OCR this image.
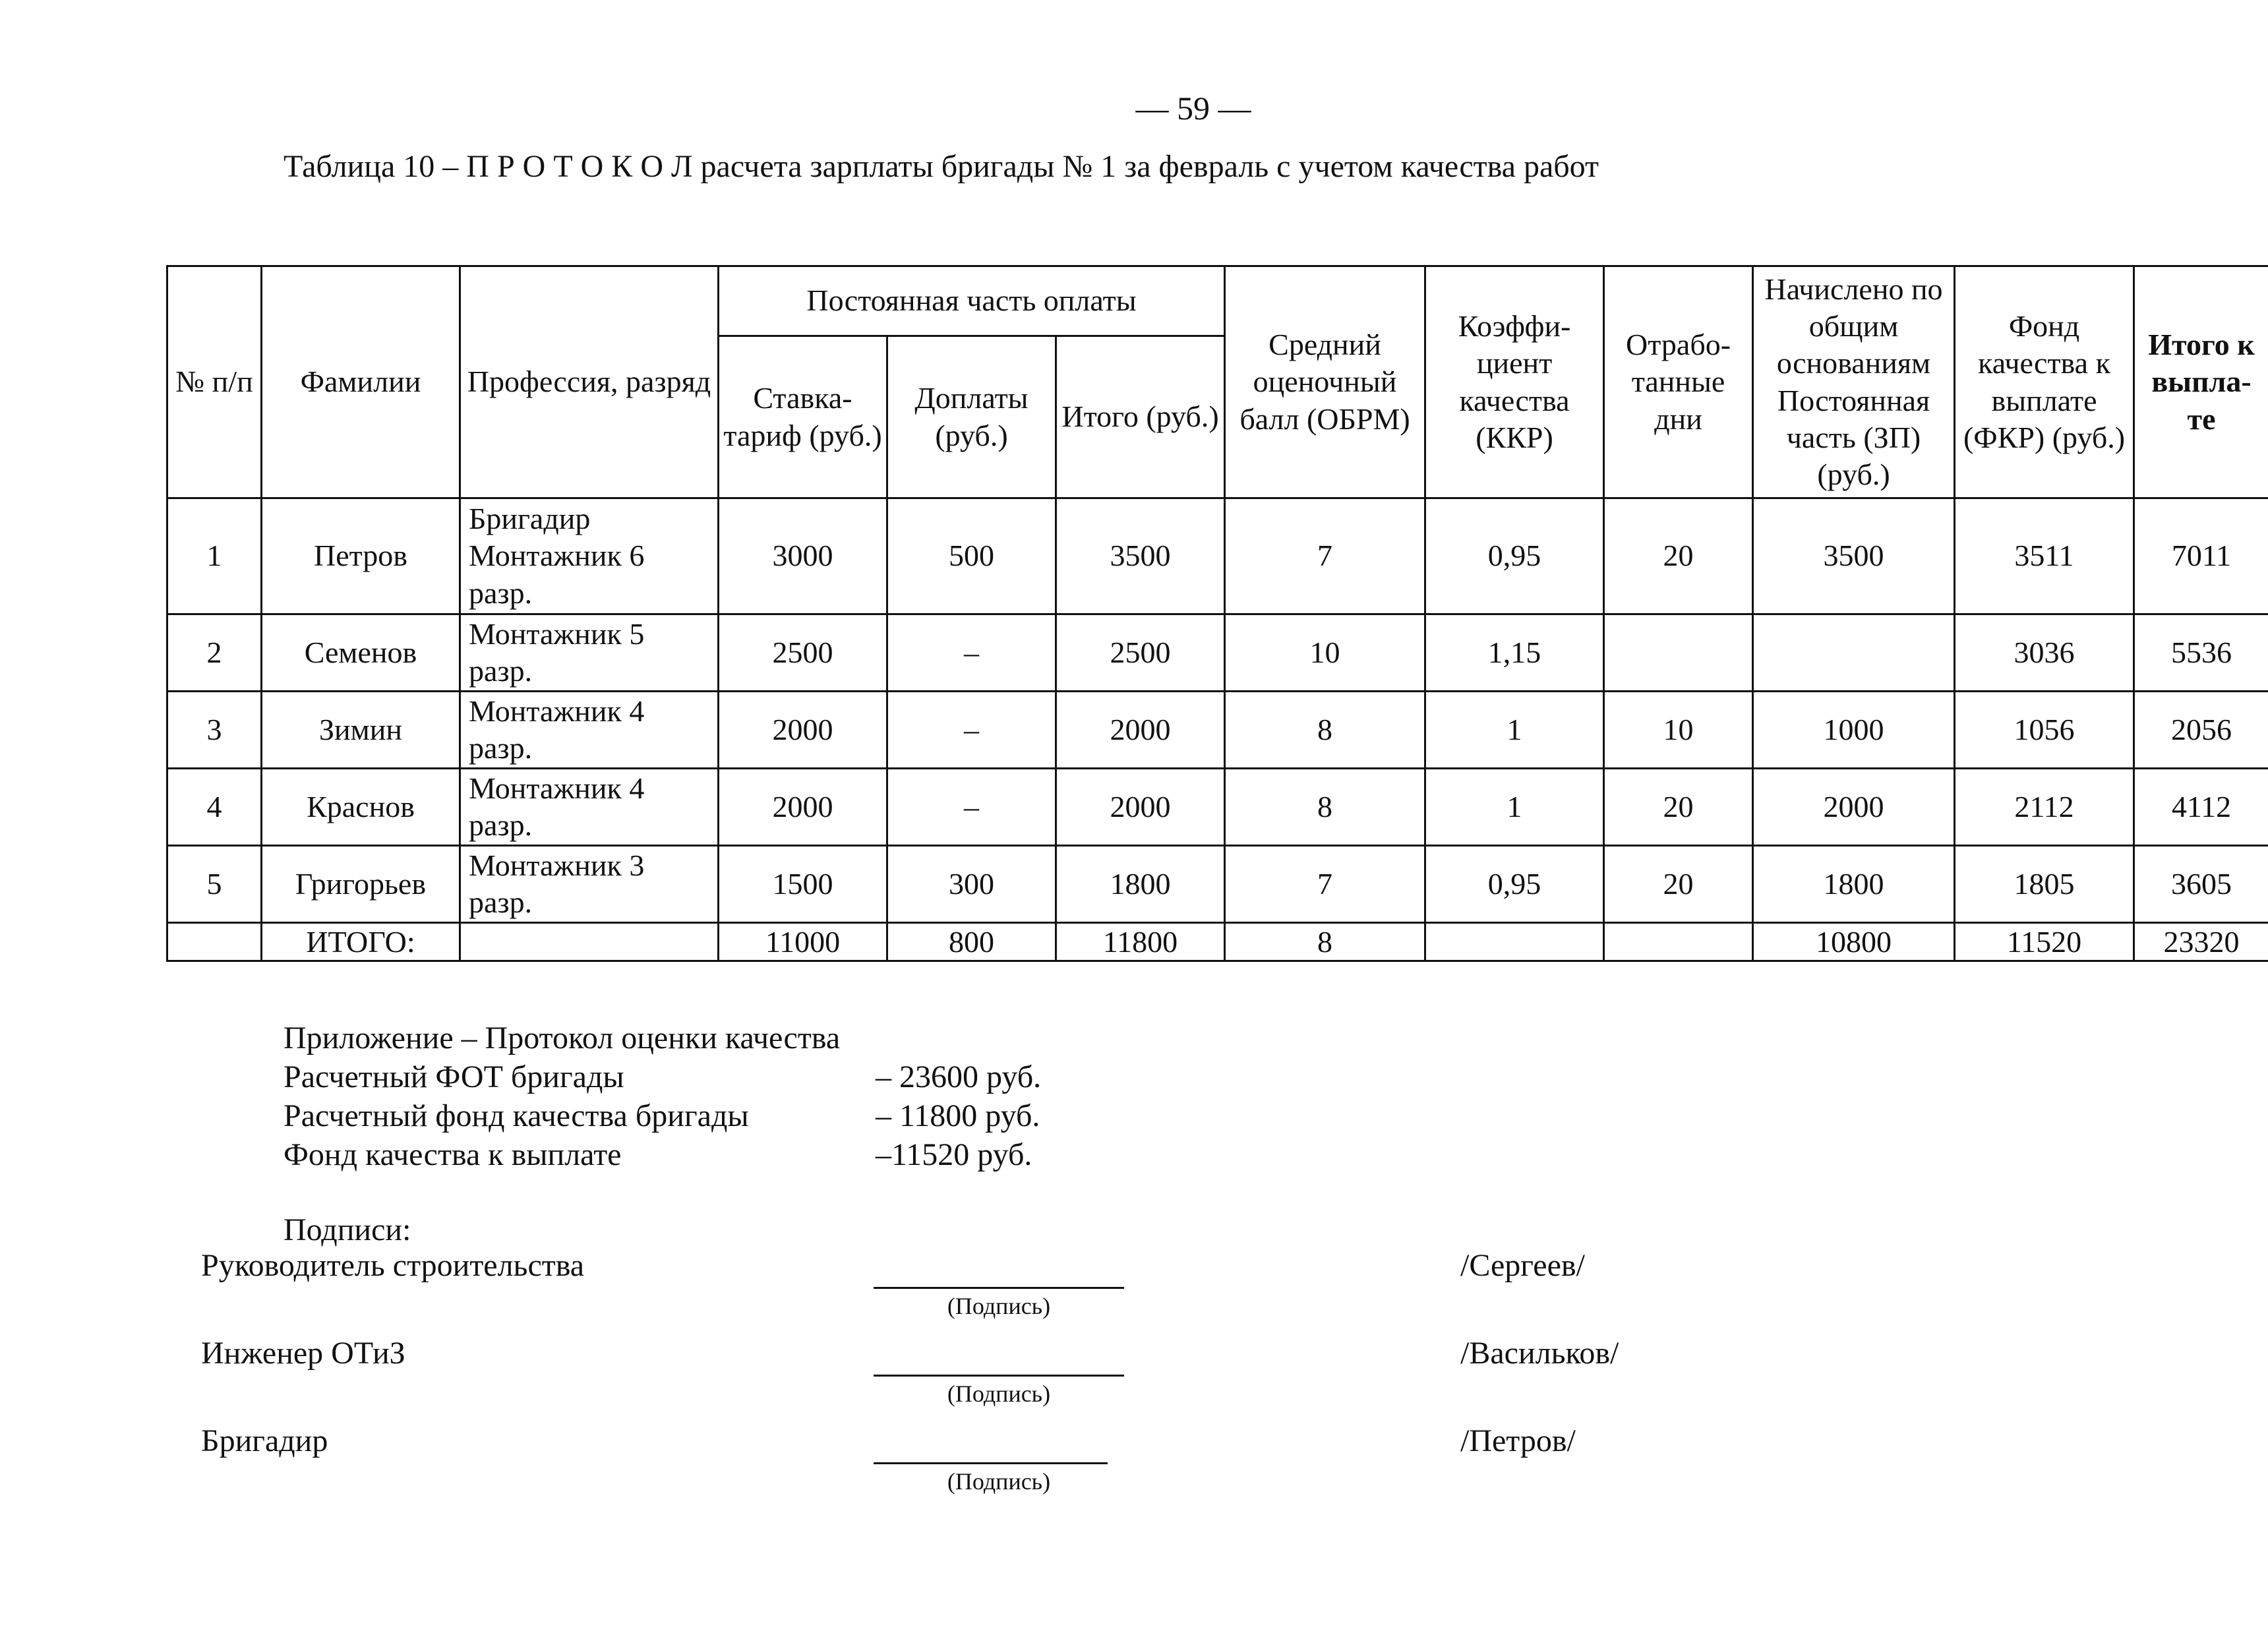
— 59 —
Таблица 10 – П Р О Т О К О Л расчета зарплаты бригады № 1 за февраль с учетом качества работ
№ п/п	Фамилии	Профессия, разряд	Постоянная часть оплаты			Средний оценочный балл (ОБРМ)	Коэффи-циент качества (ККР)	Отрабо-танные дни	Начислено по общим основаниям Постоянная часть (ЗП) (руб.)	Фонд качества к выплате (ФКР) (руб.)	Итого к выпла-те
			Ставка-тариф (руб.)	Доплаты (руб.)	Итого (руб.)						
1	Петров	Бригадир Монтажник 6 разр.	3000	500	3500	7	0,95	20	3500	3511	7011
2	Семенов	Монтажник 5 разр.	2500	–	2500	10	1,15			3036	5536
3	Зимин	Монтажник 4 разр.	2000	–	2000	8	1	10	1000	1056	2056
4	Краснов	Монтажник 4 разр.	2000	–	2000	8	1	20	2000	2112	4112
5	Григорьев	Монтажник 3 разр.	1500	300	1800	7	0,95	20	1800	1805	3605
	ИТОГО:		11000	800	11800	8			10800	11520	23320
Приложение – Протокол оценки качества
Расчетный ФОТ бригады	– 23600 руб.
Расчетный фонд качества бригады	– 11800 руб.
Фонд качества к выплате	–11520 руб.
Подписи:
Руководитель строительства
(Подпись)
/Сергеев/
Инженер ОТиЗ
(Подпись)
/Васильков/
Бригадир
(Подпись)
/Петров/
